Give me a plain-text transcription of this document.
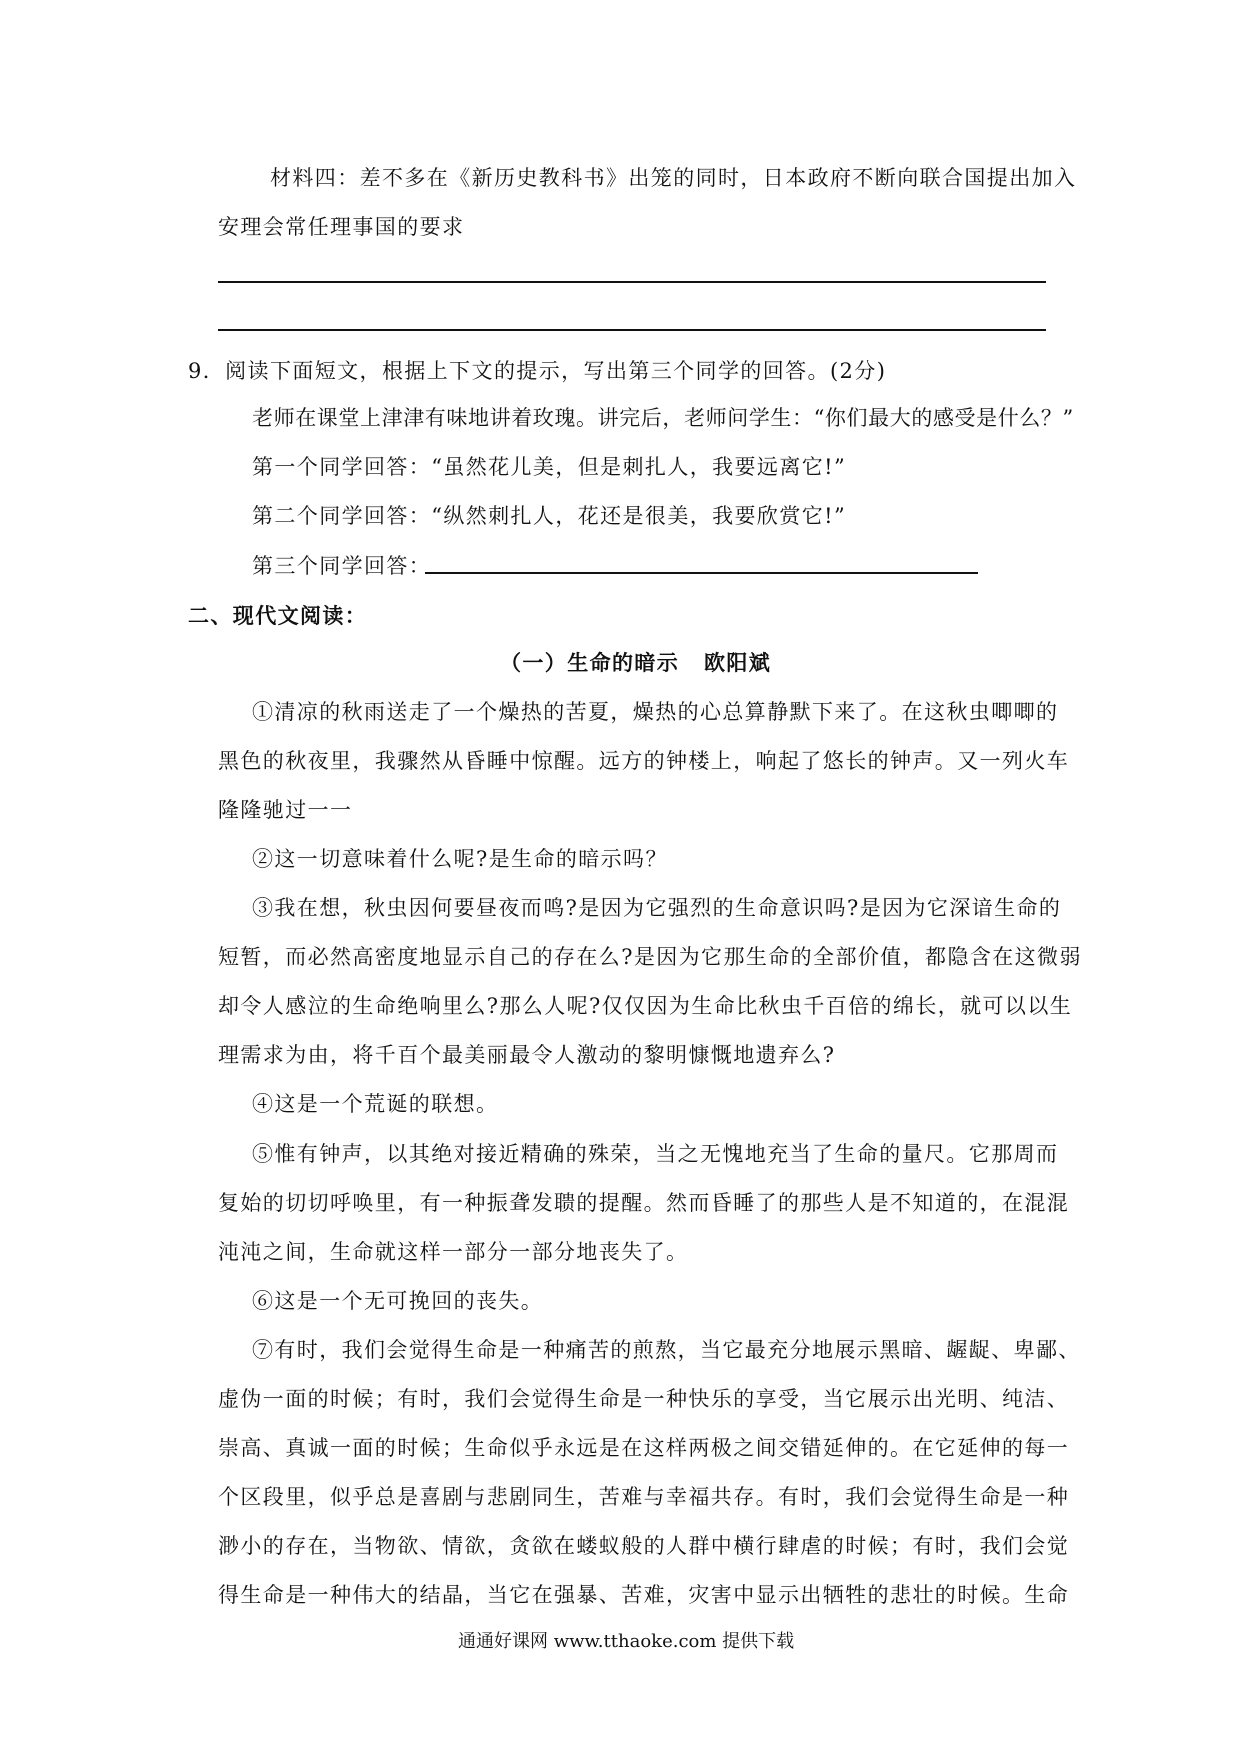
材料四：差不多在《新历史教科书》出笼的同时，日本政府不断向联合国提出加入
安理会常任理事国的要求
9．阅读下面短文，根据上下文的提示，写出第三个同学的回答。(2分)
老师在课堂上津津有味地讲着玫瑰。讲完后，老师问学生：“你们最大的感受是什么？”
第一个同学回答：“虽然花儿美，但是刺扎人，我要远离它!”
第二个同学回答：“纵然刺扎人，花还是很美，我要欣赏它!”
第三个同学回答：
二、现代文阅读：
（一）生命的暗示 欧阳斌
①清凉的秋雨送走了一个燥热的苦夏，燥热的心总算静默下来了。在这秋虫唧唧的
黑色的秋夜里，我骤然从昏睡中惊醒。远方的钟楼上，响起了悠长的钟声。又一列火车
隆隆驰过一一
②这一切意味着什么呢?是生命的暗示吗？
③我在想，秋虫因何要昼夜而鸣?是因为它强烈的生命意识吗?是因为它深谙生命的
短暂，而必然高密度地显示自己的存在么?是因为它那生命的全部价值，都隐含在这微弱
却令人感泣的生命绝响里么?那么人呢?仅仅因为生命比秋虫千百倍的绵长，就可以以生
理需求为由，将千百个最美丽最令人激动的黎明慷慨地遗弃么?
④这是一个荒诞的联想。
⑤惟有钟声，以其绝对接近精确的殊荣，当之无愧地充当了生命的量尺。它那周而
复始的切切呼唤里，有一种振聋发聩的提醒。然而昏睡了的那些人是不知道的，在混混
沌沌之间，生命就这样一部分一部分地丧失了。
⑥这是一个无可挽回的丧失。
⑦有时，我们会觉得生命是一种痛苦的煎熬，当它最充分地展示黑暗、龌龊、卑鄙、
虚伪一面的时候；有时，我们会觉得生命是一种快乐的享受，当它展示出光明、纯洁、
崇高、真诚一面的时候；生命似乎永远是在这样两极之间交错延伸的。在它延伸的每一
个区段里，似乎总是喜剧与悲剧同生，苦难与幸福共存。有时，我们会觉得生命是一种
渺小的存在，当物欲、情欲，贪欲在蝼蚁般的人群中横行肆虐的时候；有时，我们会觉
得生命是一种伟大的结晶，当它在强暴、苦难，灾害中显示出牺牲的悲壮的时候。生命
通通好课网 www.tthaoke.com 提供下载
